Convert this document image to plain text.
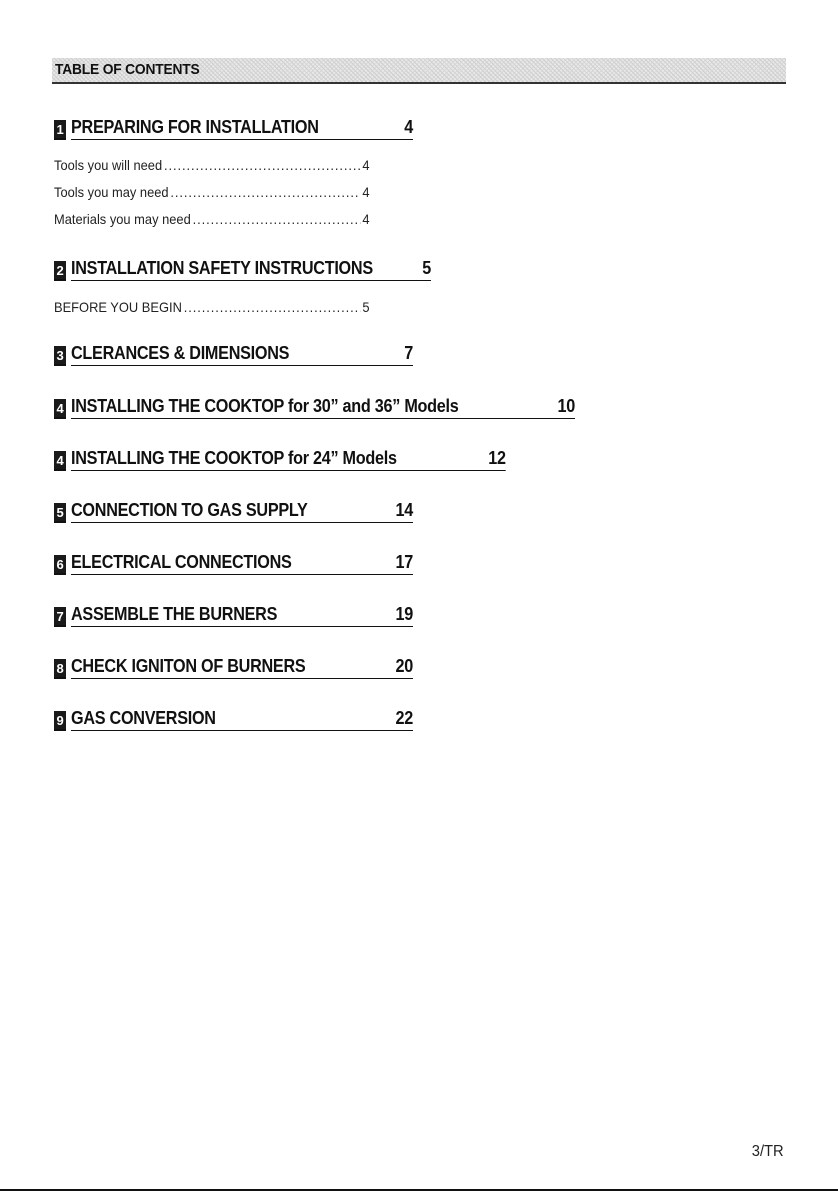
TABLE OF CONTENTS
1 PREPARING FOR INSTALLATION	4
Tools you will need .....	4
Tools you may need .....	4
Materials you may need .....	4
2 INSTALLATION SAFETY INSTRUCTIONS	5
BEFORE YOU BEGIN .....	5
3 CLERANCES & DIMENSIONS	7
4 INSTALLING THE COOKTOP for 30” and 36” Models	10
4 INSTALLING THE COOKTOP for 24” Models	12
5 CONNECTION TO GAS SUPPLY	14
6 ELECTRICAL CONNECTIONS	17
7 ASSEMBLE THE BURNERS	19
8 CHECK IGNITON OF BURNERS	20
9 GAS CONVERSION	22
3/TR
